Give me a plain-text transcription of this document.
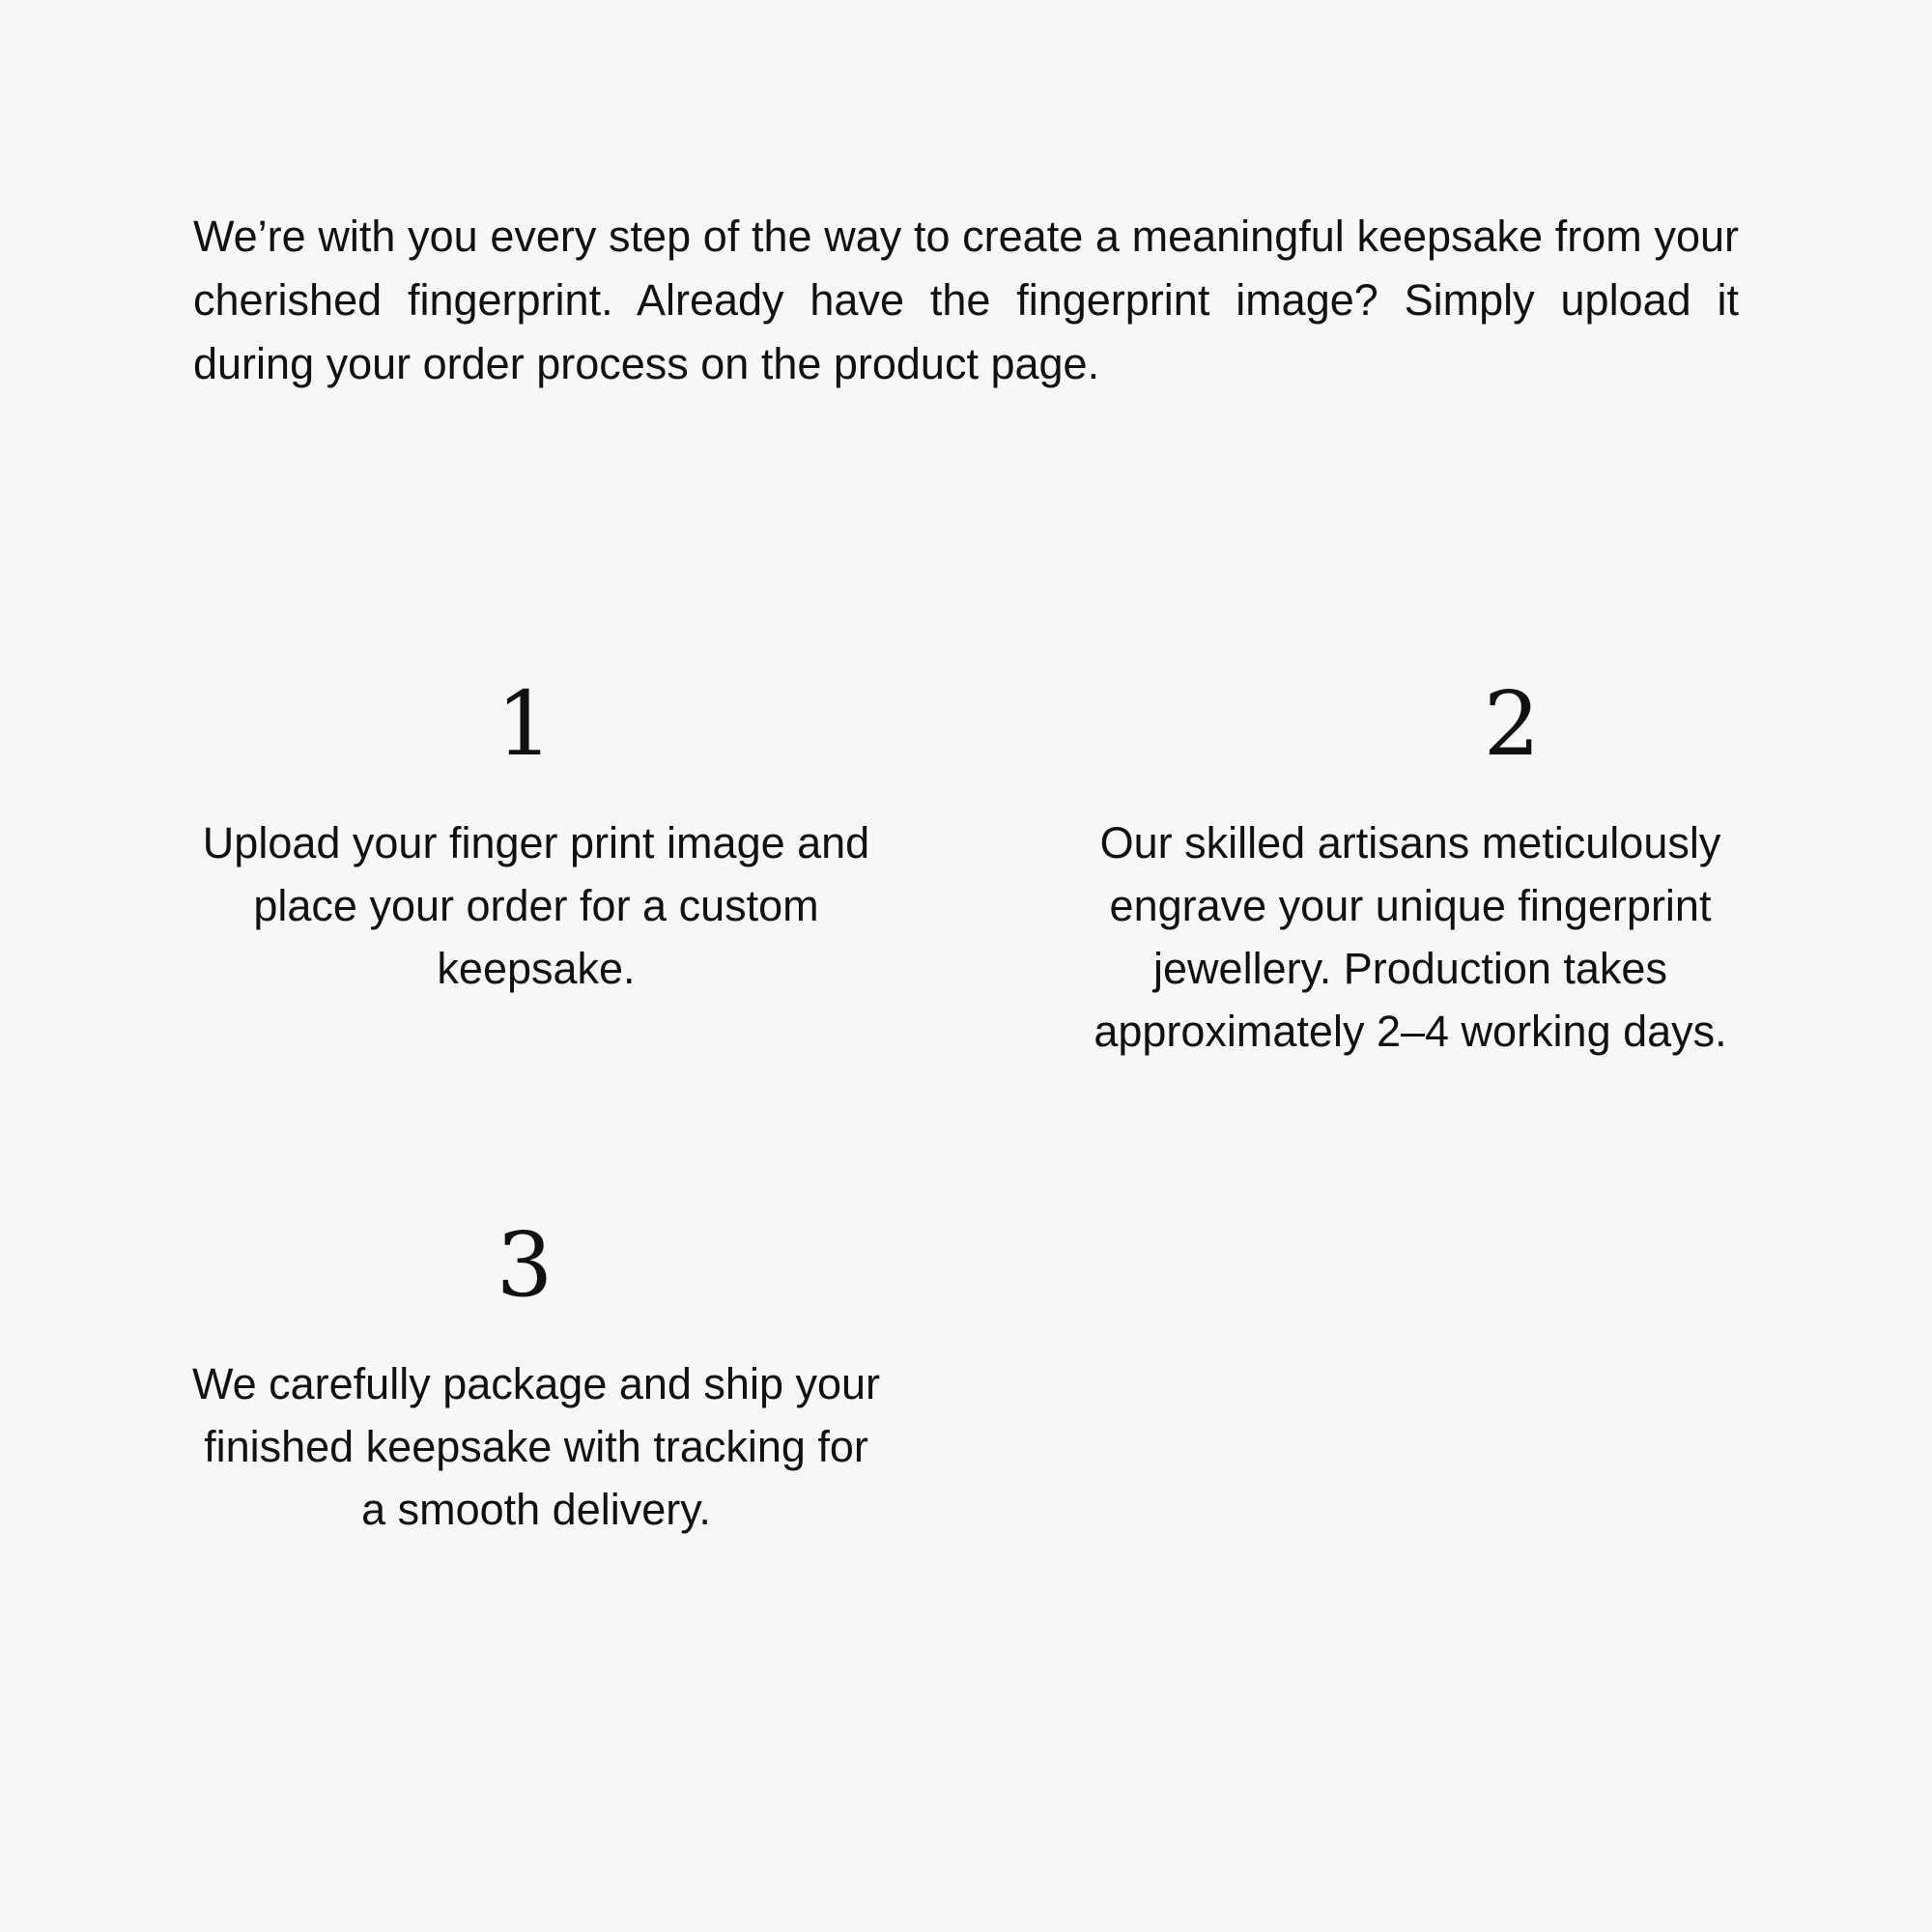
We’re with you every step of the way to create a meaningful keepsake from your cherished fingerprint. Already have the fingerprint image? Simply upload it during your order process on the product page.

1

Upload your finger print image and place your order for a custom keepsake.

2

Our skilled artisans meticulously engrave your unique fingerprint jewellery. Production takes approximately 2–4 working days.

3

We carefully package and ship your finished keepsake with tracking for a smooth delivery.
